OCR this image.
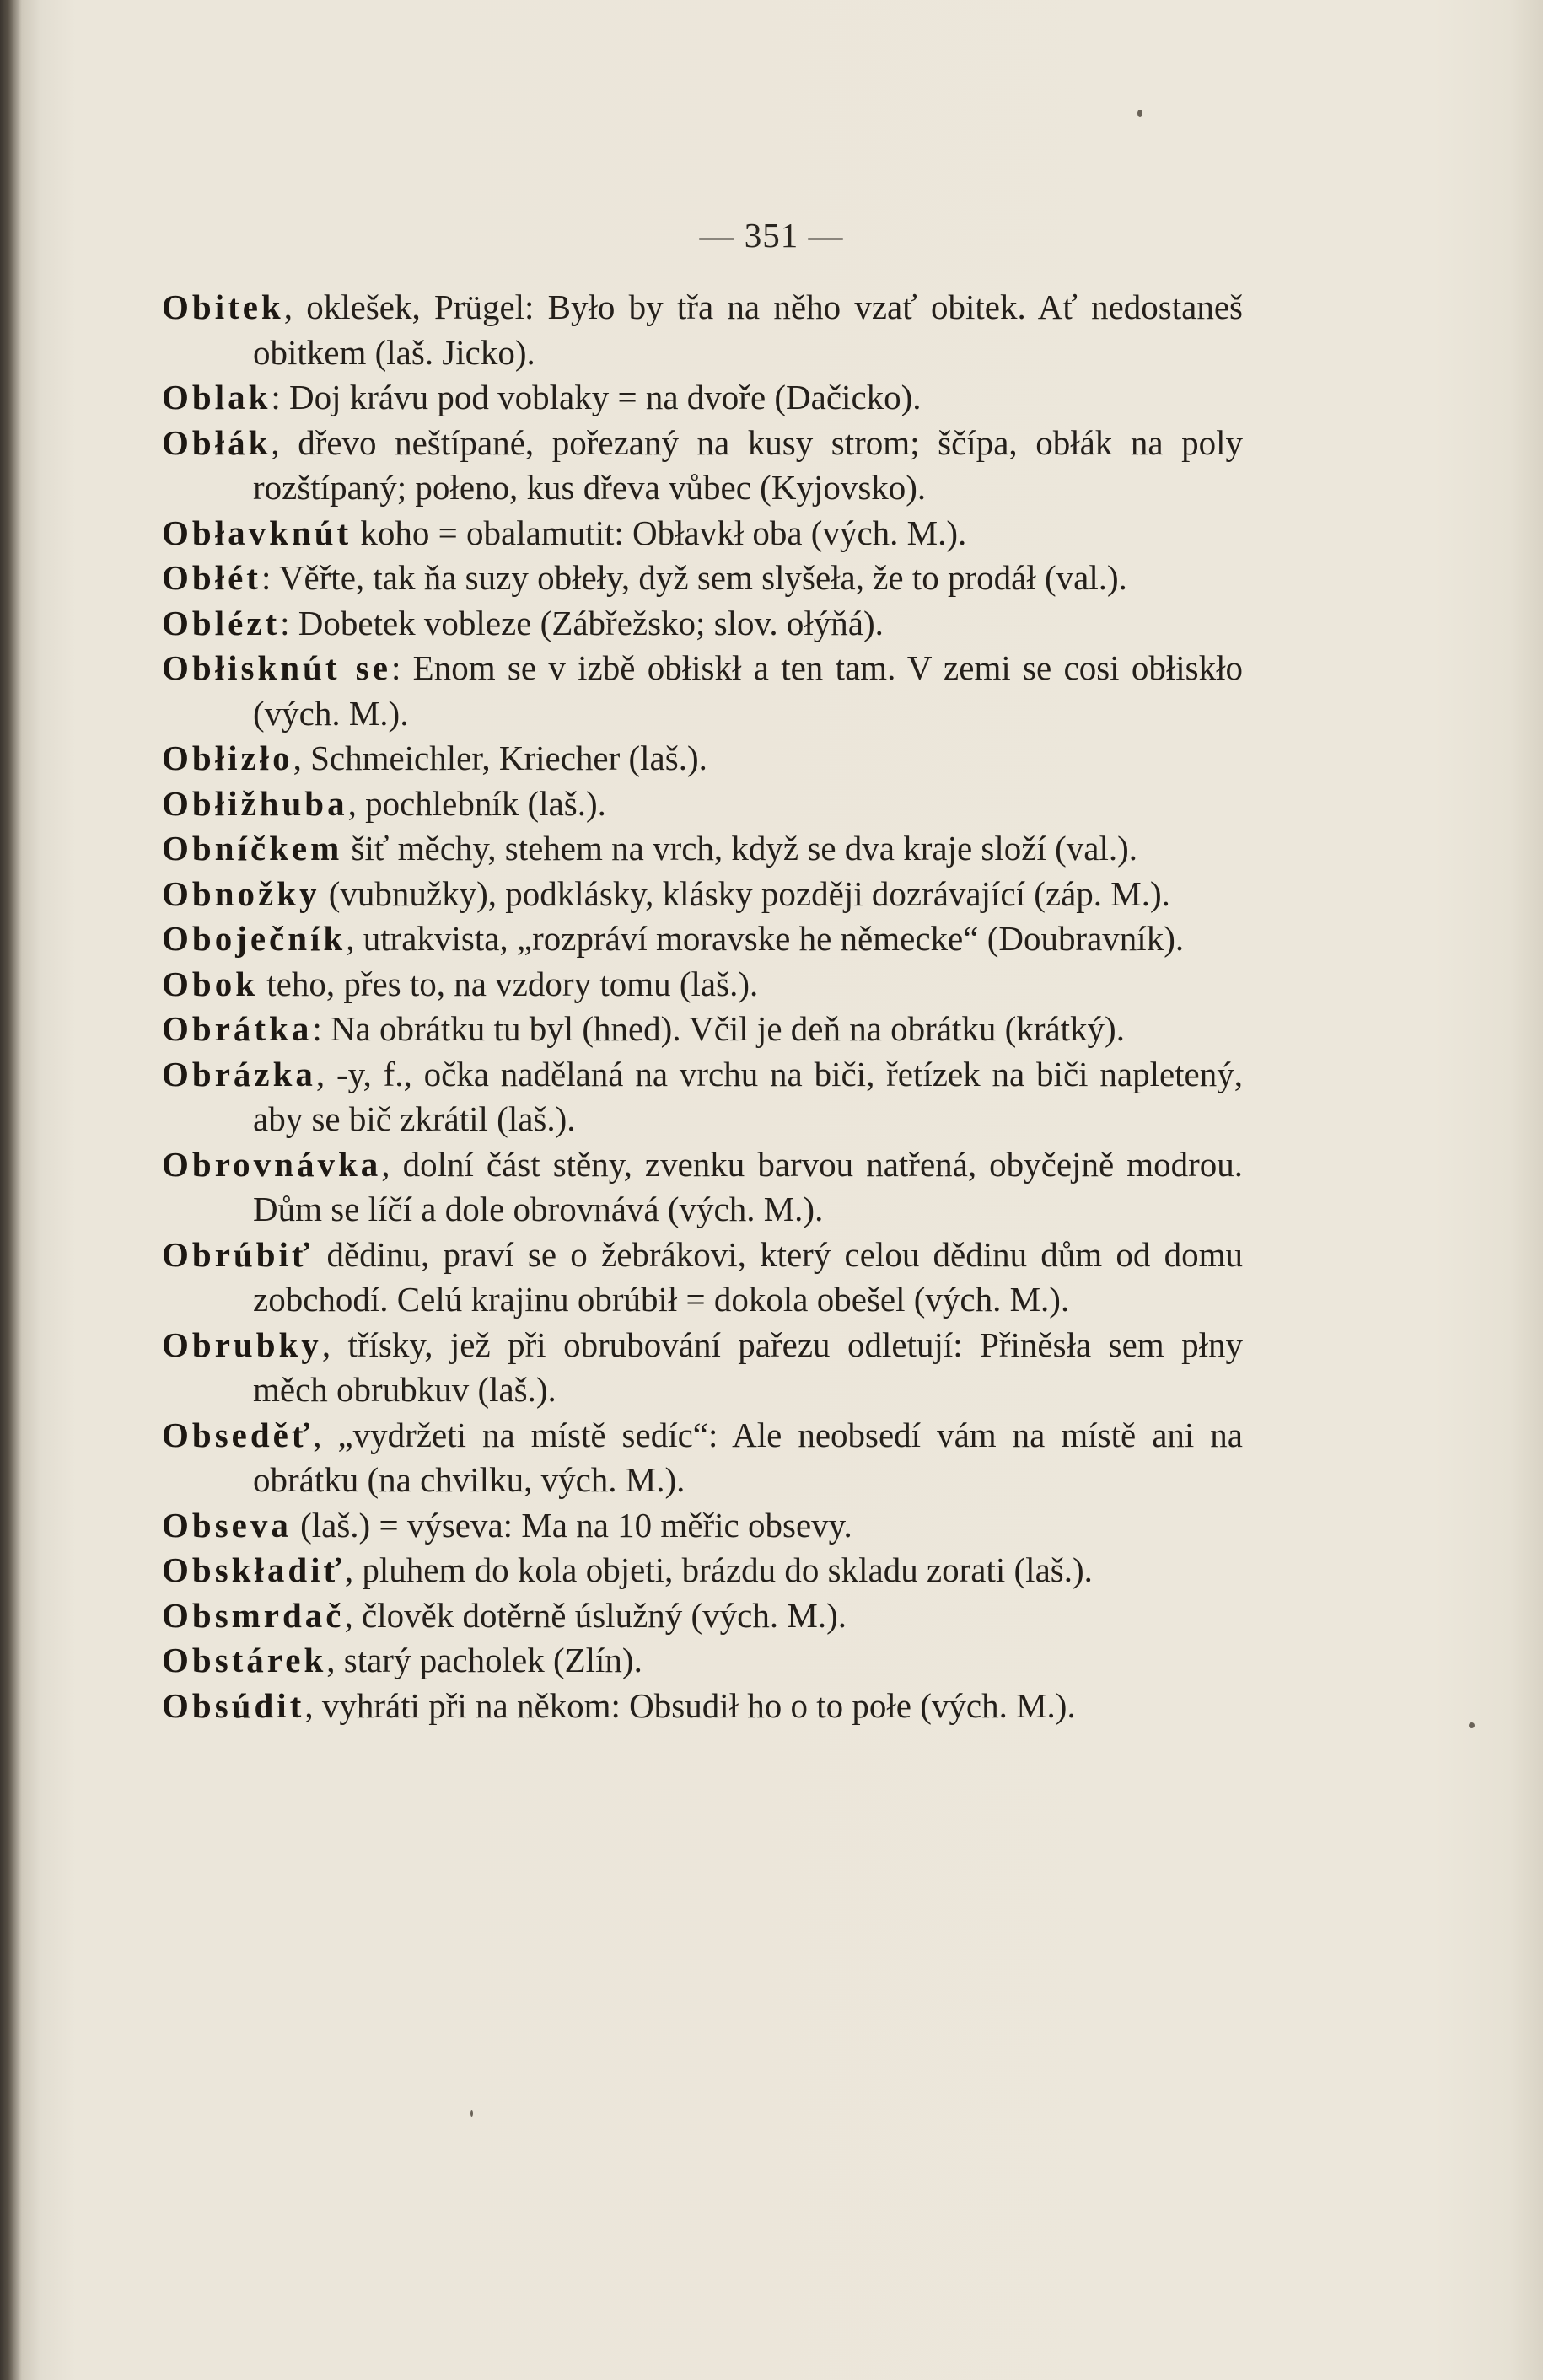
— 351 —

Obitek, oklešek, Prügel: Było by třa na něho vzať obitek. Ať nedostaneš obitkem (laš. Jicko).

Oblak: Doj krávu pod voblaky = na dvoře (Dačicko).

Obłák, dřevo neštípané, pořezaný na kusy strom; ščípa, obłák na poly rozštípaný; połeno, kus dřeva vůbec (Kyjovsko).

Obłavknút koho = obalamutit: Obłavkł oba (vých. M.).

Obłét: Věřte, tak ňa suzy obłeły, dyž sem slyšeła, že to prodáł (val.).

Oblézt: Dobetek vobleze (Zábřežsko; slov. ołýňá).

Obłisknút se: Enom se v izbě obłiskł a ten tam. V zemi se cosi obłiskło (vých. M.).

Obłizło, Schmeichler, Kriecher (laš.).

Obłižhuba, pochlebník (laš.).

Obníčkem šiť měchy, stehem na vrch, když se dva kraje složí (val.).

Obnožky (vubnužky), podklásky, klásky později dozrávající (záp. M.).

Oboječník, utrakvista, „rozpráví moravske he německe“ (Doubravník).

Obok teho, přes to, na vzdory tomu (laš.).

Obrátka: Na obrátku tu byl (hned). Včil je deň na obrátku (krátký).

Obrázka, -y, f., očka nadělaná na vrchu na biči, řetízek na biči napletený, aby se bič zkrátil (laš.).

Obrovnávka, dolní část stěny, zvenku barvou natřená, obyčejně modrou. Dům se líčí a dole obrovnává (vých. M.).

Obrúbiť dědinu, praví se o žebrákovi, který celou dědinu dům od domu zobchodí. Celú krajinu obrúbił = dokola obešel (vých. M.).

Obrubky, třísky, jež při obrubování pařezu odletují: Přiněsła sem płny měch obrubkuv (laš.).

Obseděť, „vydržeti na místě sedíc“: Ale neobsedí vám na místě ani na obrátku (na chvilku, vých. M.).

Obseva (laš.) = výseva: Ma na 10 měřic obsevy.

Obskładiť, pluhem do kola objeti, brázdu do skladu zorati (laš.).

Obsmrdač, člověk dotěrně úslužný (vých. M.).

Obstárek, starý pacholek (Zlín).

Obsúdit, vyhráti při na někom: Obsudił ho o to połe (vých. M.).
